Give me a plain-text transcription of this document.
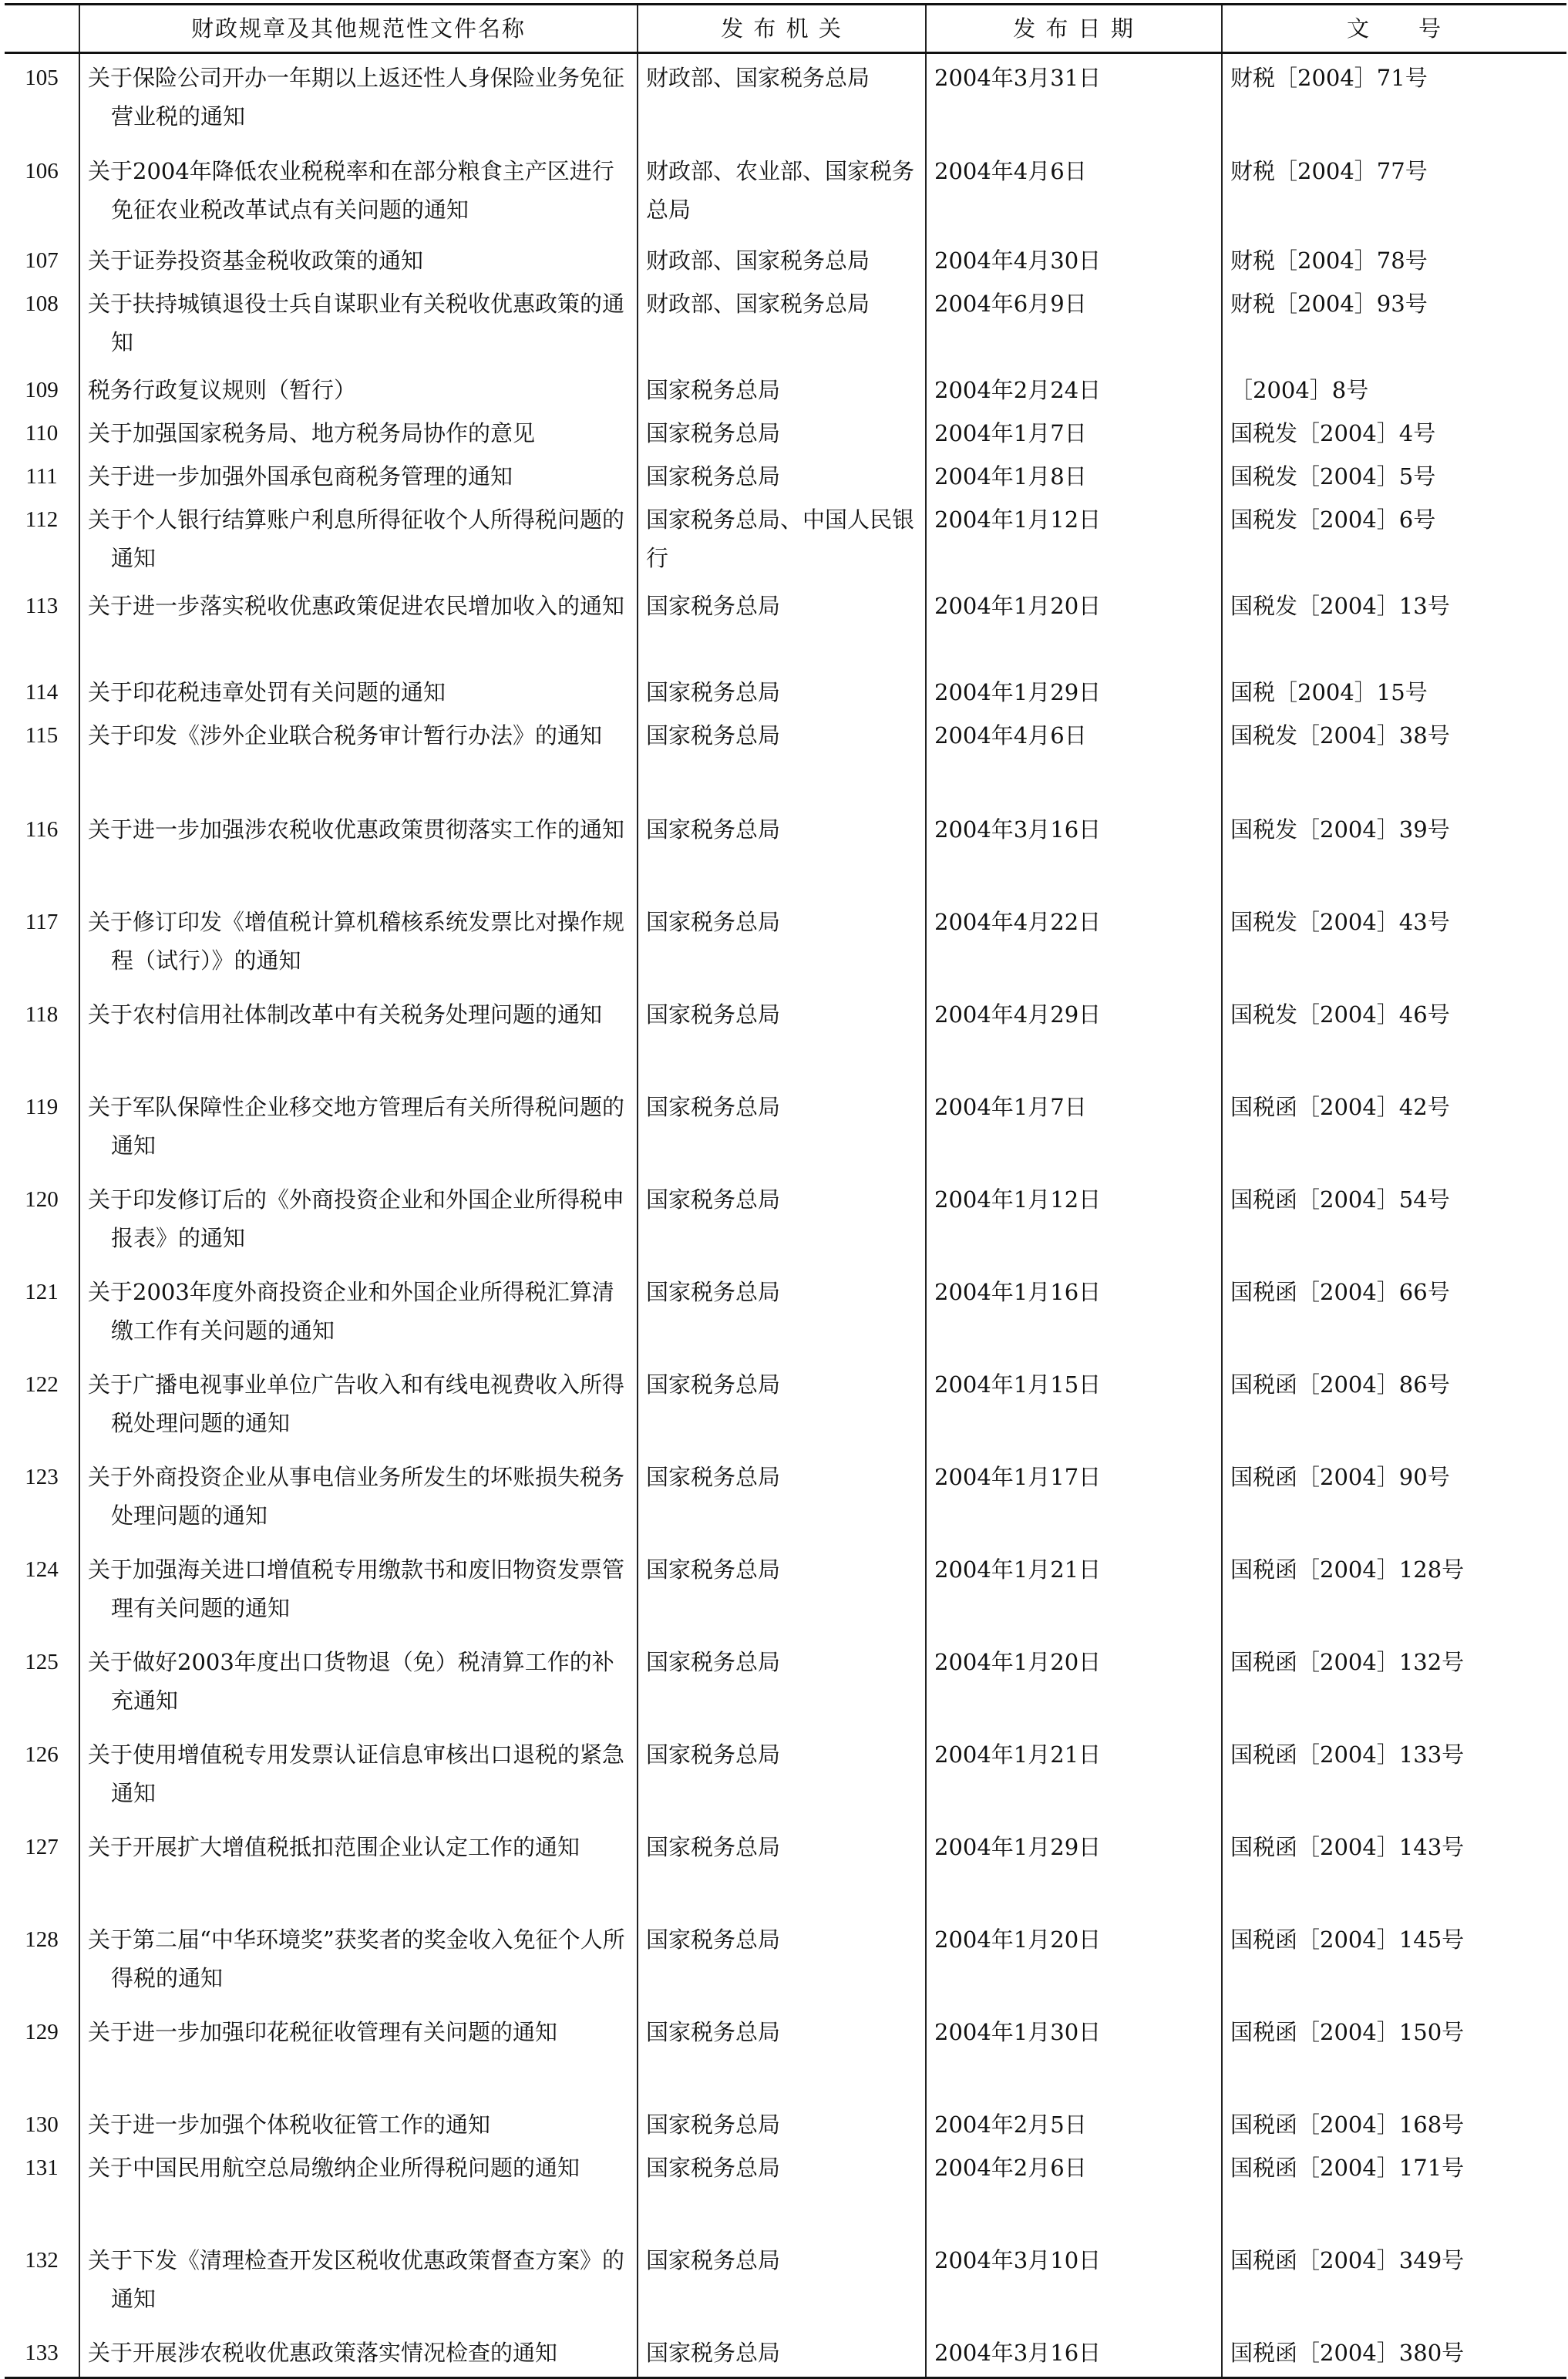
	财政规章及其他规范性文件名称	发 布 机 关	发 布 日 期	文　　号
105	关于保险公司开办一年期以上返还性人身保险业务免征营业税的通知	财政部、国家税务总局	2004年3月31日	财税［2004］71号
106	关于2004年降低农业税税率和在部分粮食主产区进行免征农业税改革试点有关问题的通知	财政部、农业部、国家税务总局	2004年4月6日	财税［2004］77号
107	关于证券投资基金税收政策的通知	财政部、国家税务总局	2004年4月30日	财税［2004］78号
108	关于扶持城镇退役士兵自谋职业有关税收优惠政策的通知	财政部、国家税务总局	2004年6月9日	财税［2004］93号
109	税务行政复议规则（暂行）	国家税务总局	2004年2月24日	［2004］8号
110	关于加强国家税务局、地方税务局协作的意见	国家税务总局	2004年1月7日	国税发［2004］4号
111	关于进一步加强外国承包商税务管理的通知	国家税务总局	2004年1月8日	国税发［2004］5号
112	关于个人银行结算账户利息所得征收个人所得税问题的通知	国家税务总局、中国人民银行	2004年1月12日	国税发［2004］6号
113	关于进一步落实税收优惠政策促进农民增加收入的通知	国家税务总局	2004年1月20日	国税发［2004］13号
114	关于印花税违章处罚有关问题的通知	国家税务总局	2004年1月29日	国税［2004］15号
115	关于印发《涉外企业联合税务审计暂行办法》的通知	国家税务总局	2004年4月6日	国税发［2004］38号
116	关于进一步加强涉农税收优惠政策贯彻落实工作的通知	国家税务总局	2004年3月16日	国税发［2004］39号
117	关于修订印发《增值税计算机稽核系统发票比对操作规程（试行）》的通知	国家税务总局	2004年4月22日	国税发［2004］43号
118	关于农村信用社体制改革中有关税务处理问题的通知	国家税务总局	2004年4月29日	国税发［2004］46号
119	关于军队保障性企业移交地方管理后有关所得税问题的通知	国家税务总局	2004年1月7日	国税函［2004］42号
120	关于印发修订后的《外商投资企业和外国企业所得税申报表》的通知	国家税务总局	2004年1月12日	国税函［2004］54号
121	关于2003年度外商投资企业和外国企业所得税汇算清缴工作有关问题的通知	国家税务总局	2004年1月16日	国税函［2004］66号
122	关于广播电视事业单位广告收入和有线电视费收入所得税处理问题的通知	国家税务总局	2004年1月15日	国税函［2004］86号
123	关于外商投资企业从事电信业务所发生的坏账损失税务处理问题的通知	国家税务总局	2004年1月17日	国税函［2004］90号
124	关于加强海关进口增值税专用缴款书和废旧物资发票管理有关问题的通知	国家税务总局	2004年1月21日	国税函［2004］128号
125	关于做好2003年度出口货物退（免）税清算工作的补充通知	国家税务总局	2004年1月20日	国税函［2004］132号
126	关于使用增值税专用发票认证信息审核出口退税的紧急通知	国家税务总局	2004年1月21日	国税函［2004］133号
127	关于开展扩大增值税抵扣范围企业认定工作的通知	国家税务总局	2004年1月29日	国税函［2004］143号
128	关于第二届“中华环境奖”获奖者的奖金收入免征个人所得税的通知	国家税务总局	2004年1月20日	国税函［2004］145号
129	关于进一步加强印花税征收管理有关问题的通知	国家税务总局	2004年1月30日	国税函［2004］150号
130	关于进一步加强个体税收征管工作的通知	国家税务总局	2004年2月5日	国税函［2004］168号
131	关于中国民用航空总局缴纳企业所得税问题的通知	国家税务总局	2004年2月6日	国税函［2004］171号
132	关于下发《清理检查开发区税收优惠政策督查方案》的通知	国家税务总局	2004年3月10日	国税函［2004］349号
133	关于开展涉农税收优惠政策落实情况检查的通知	国家税务总局	2004年3月16日	国税函［2004］380号
